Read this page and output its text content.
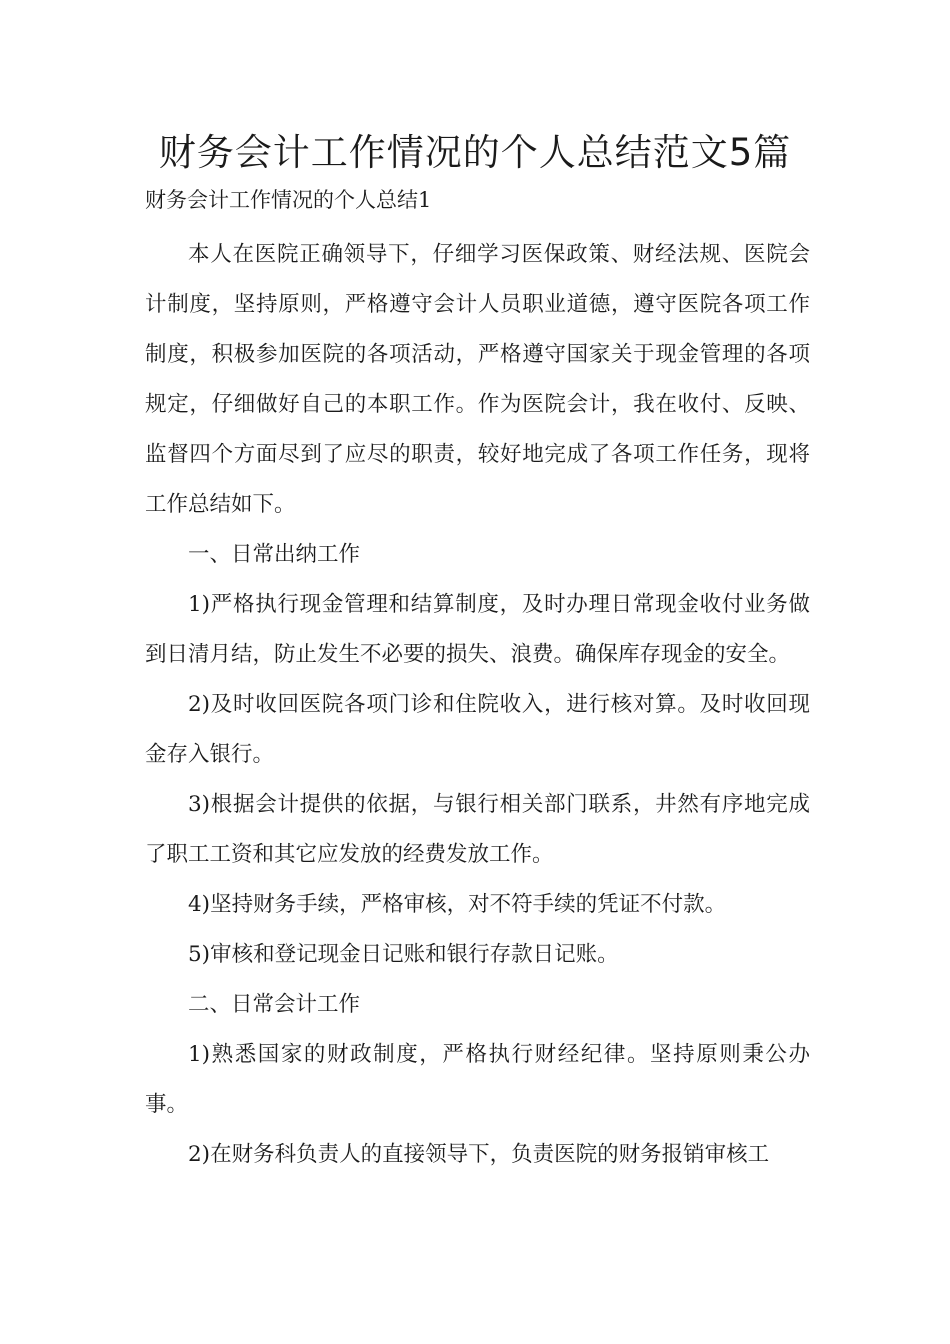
财务会计工作情况的个人总结范文5篇

财务会计工作情况的个人总结1

本人在医院正确领导下，仔细学习医保政策、财经法规、医院会计制度，坚持原则，严格遵守会计人员职业道德，遵守医院各项工作制度，积极参加医院的各项活动，严格遵守国家关于现金管理的各项规定，仔细做好自己的本职工作。作为医院会计，我在收付、反映、监督四个方面尽到了应尽的职责，较好地完成了各项工作任务，现将工作总结如下。

一、日常出纳工作

1)严格执行现金管理和结算制度，及时办理日常现金收付业务做到日清月结，防止发生不必要的损失、浪费。确保库存现金的安全。

2)及时收回医院各项门诊和住院收入，进行核对算。及时收回现金存入银行。

3)根据会计提供的依据，与银行相关部门联系，井然有序地完成了职工工资和其它应发放的经费发放工作。

4)坚持财务手续，严格审核，对不符手续的凭证不付款。

5)审核和登记现金日记账和银行存款日记账。

二、日常会计工作

1)熟悉国家的财政制度，严格执行财经纪律。坚持原则秉公办事。

2)在财务科负责人的直接领导下，负责医院的财务报销审核工
